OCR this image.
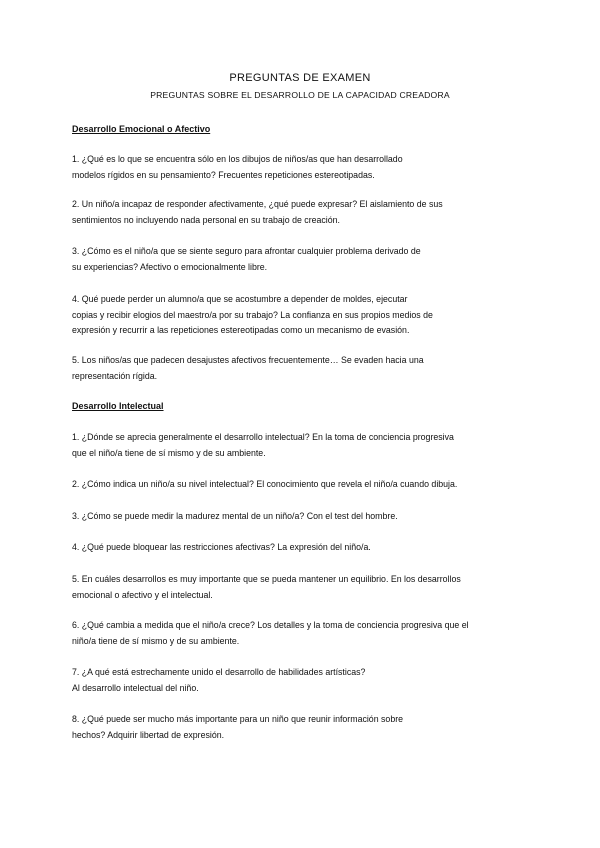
PREGUNTAS DE EXAMEN
PREGUNTAS SOBRE EL DESARROLLO DE LA CAPACIDAD CREADORA
Desarrollo Emocional o Afectivo
1. ¿Qué es lo que se encuentra sólo en los dibujos de niños/as que han desarrollado
modelos rígidos en su pensamiento? Frecuentes repeticiones estereotipadas.
2. Un niño/a incapaz de responder afectivamente, ¿qué puede expresar? El aislamiento de sus
sentimientos no incluyendo nada personal en su trabajo de creación.
3. ¿Cómo es el niño/a que se siente seguro para afrontar cualquier problema derivado de
su experiencias? Afectivo o emocionalmente libre.
4. Qué puede perder un alumno/a que se acostumbre a depender de moldes, ejecutar
copias y recibir elogios del maestro/a por su trabajo? La confianza en sus propios medios de
expresión y recurrir a las repeticiones estereotipadas como un mecanismo de evasión.
5. Los niños/as que padecen desajustes afectivos frecuentemente… Se evaden hacia una
representación rígida.
Desarrollo Intelectual
1. ¿Dónde se aprecia generalmente el desarrollo intelectual? En la toma de conciencia progresiva
que el niño/a tiene de sí mismo y de su ambiente.
2. ¿Cómo indica un niño/a su nivel intelectual? El conocimiento que revela el niño/a cuando dibuja.
3. ¿Cómo se puede medir la madurez mental de un niño/a? Con el test del hombre.
4. ¿Qué puede bloquear las restricciones afectivas? La expresión del niño/a.
5. En cuáles desarrollos es muy importante que se pueda mantener un equilibrio. En los desarrollos
emocional o afectivo y el intelectual.
6. ¿Qué cambia a medida que el niño/a crece? Los detalles y la toma de conciencia progresiva que el
niño/a tiene de sí mismo y de su ambiente.
7. ¿A qué está estrechamente unido el desarrollo de habilidades artísticas?
Al desarrollo intelectual del niño.
8. ¿Qué puede ser mucho más importante para un niño que reunir información sobre
hechos? Adquirir libertad de expresión.
